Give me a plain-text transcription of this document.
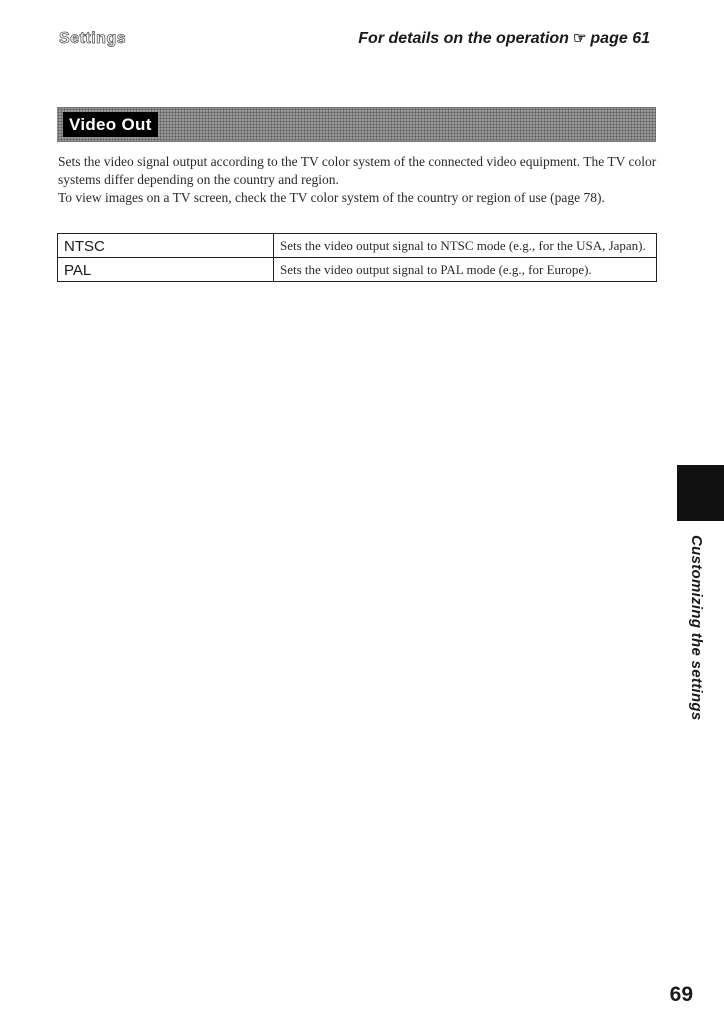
Settings	For details on the operation ☞ page 61
Video Out

Sets the video signal output according to the TV color system of the connected video equipment. The TV color systems differ depending on the country and region.

To view images on a TV screen, check the TV color system of the country or region of use (page 78).

NTSC	Sets the video output signal to NTSC mode (e.g., for the USA, Japan).
PAL	Sets the video output signal to PAL mode (e.g., for Europe).
Customizing the settings
69
